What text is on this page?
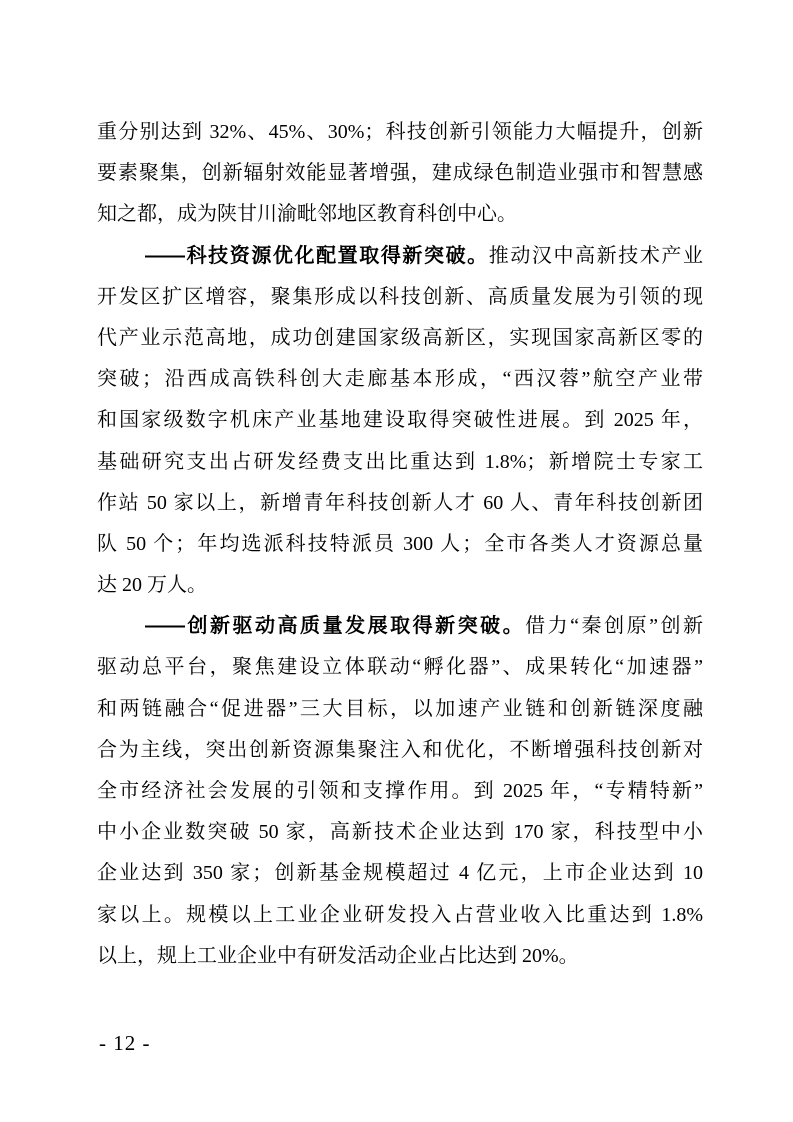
重分别达到 32%、45%、30%；科技创新引领能力大幅提升，创新
要素聚集，创新辐射效能显著增强，建成绿色制造业强市和智慧感
知之都，成为陕甘川渝毗邻地区教育科创中心。
——科技资源优化配置取得新突破。推动汉中高新技术产业
开发区扩区增容，聚集形成以科技创新、高质量发展为引领的现
代产业示范高地，成功创建国家级高新区，实现国家高新区零的
突破；沿西成高铁科创大走廊基本形成，“西汉蓉”航空产业带
和国家级数字机床产业基地建设取得突破性进展。到 2025 年，
基础研究支出占研发经费支出比重达到 1.8%；新增院士专家工
作站 50 家以上，新增青年科技创新人才 60 人、青年科技创新团
队 50 个；年均选派科技特派员 300 人；全市各类人才资源总量
达 20 万人。
——创新驱动高质量发展取得新突破。借力“秦创原”创新
驱动总平台，聚焦建设立体联动“孵化器”、成果转化“加速器”
和两链融合“促进器”三大目标，以加速产业链和创新链深度融
合为主线，突出创新资源集聚注入和优化，不断增强科技创新对
全市经济社会发展的引领和支撑作用。到 2025 年，“专精特新”
中小企业数突破 50 家，高新技术企业达到 170 家，科技型中小
企业达到 350 家；创新基金规模超过 4 亿元，上市企业达到 10
家以上。规模以上工业企业研发投入占营业收入比重达到 1.8%
以上，规上工业企业中有研发活动企业占比达到 20%。
- 12 -
